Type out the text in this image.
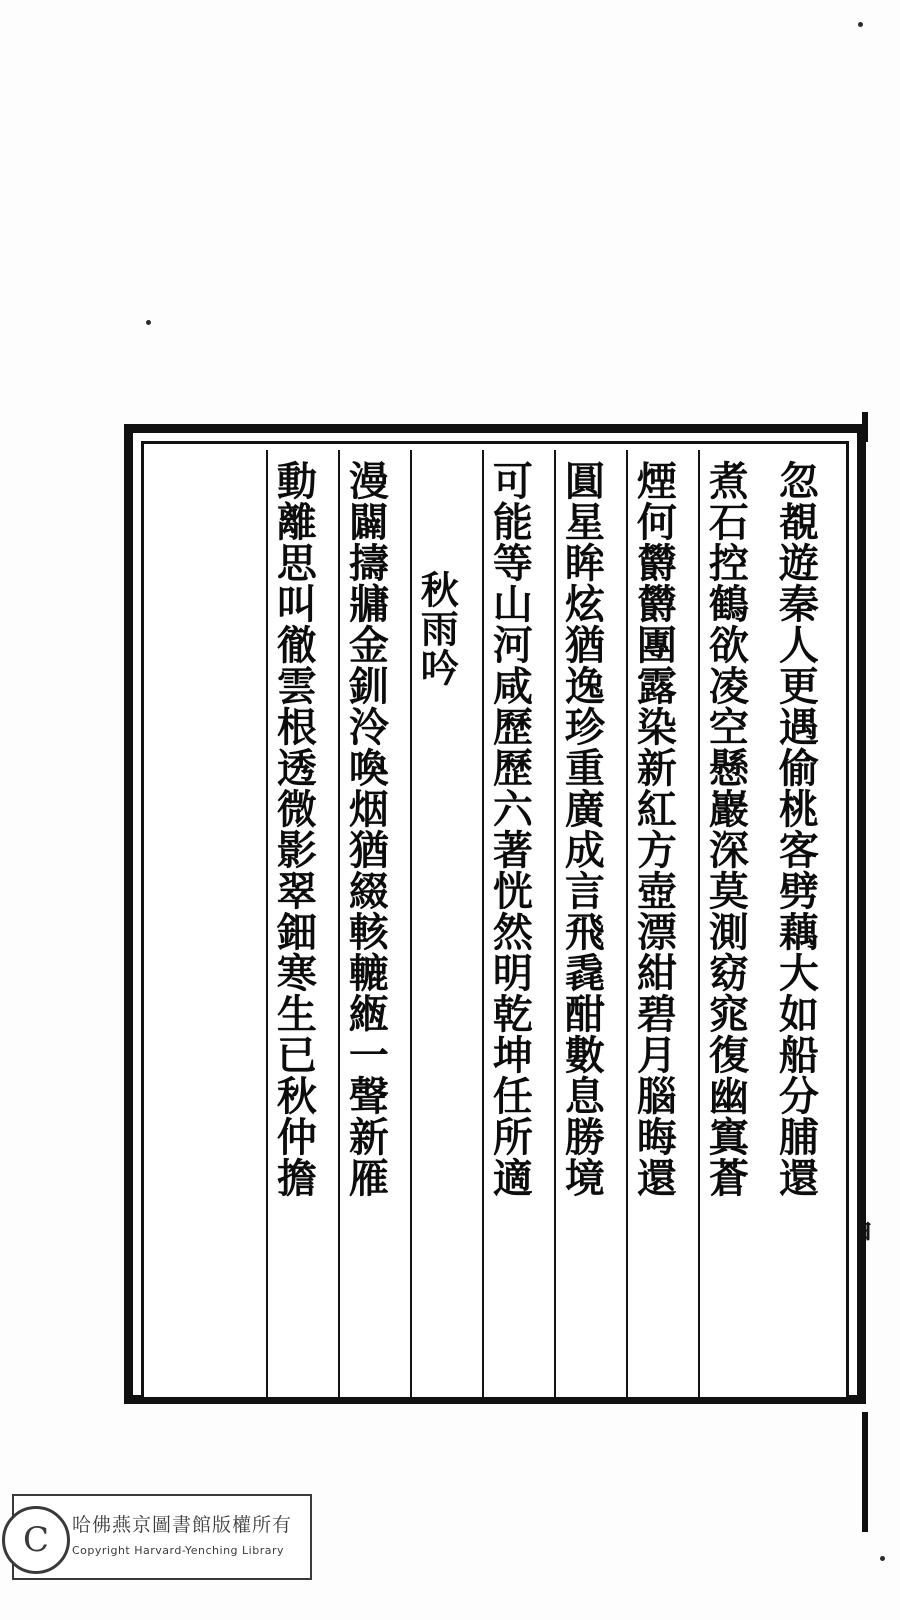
忽覩遊秦人更遇偷桃客劈藕大如船分脯還
煮石控鶴欲凌空懸巖深莫測窈窕復幽窴蒼
煙何欝欝團露染新紅方壺漂紺碧月腦晦還
圓星眸炫猶逸珍重廣成言飛毳酣數息勝境
可能等山河咸歷歷六著恍然明乾坤任所適
秋雨吟
漫闢擣牅金釧泠喚烟猶綴輆轆緪一聲新雁
動離思叫徹雲根透微影翠鈿寒生已秋仲擔
C	哈佛燕京圖書館版權所有
Copyright Harvard-Yenching Library
